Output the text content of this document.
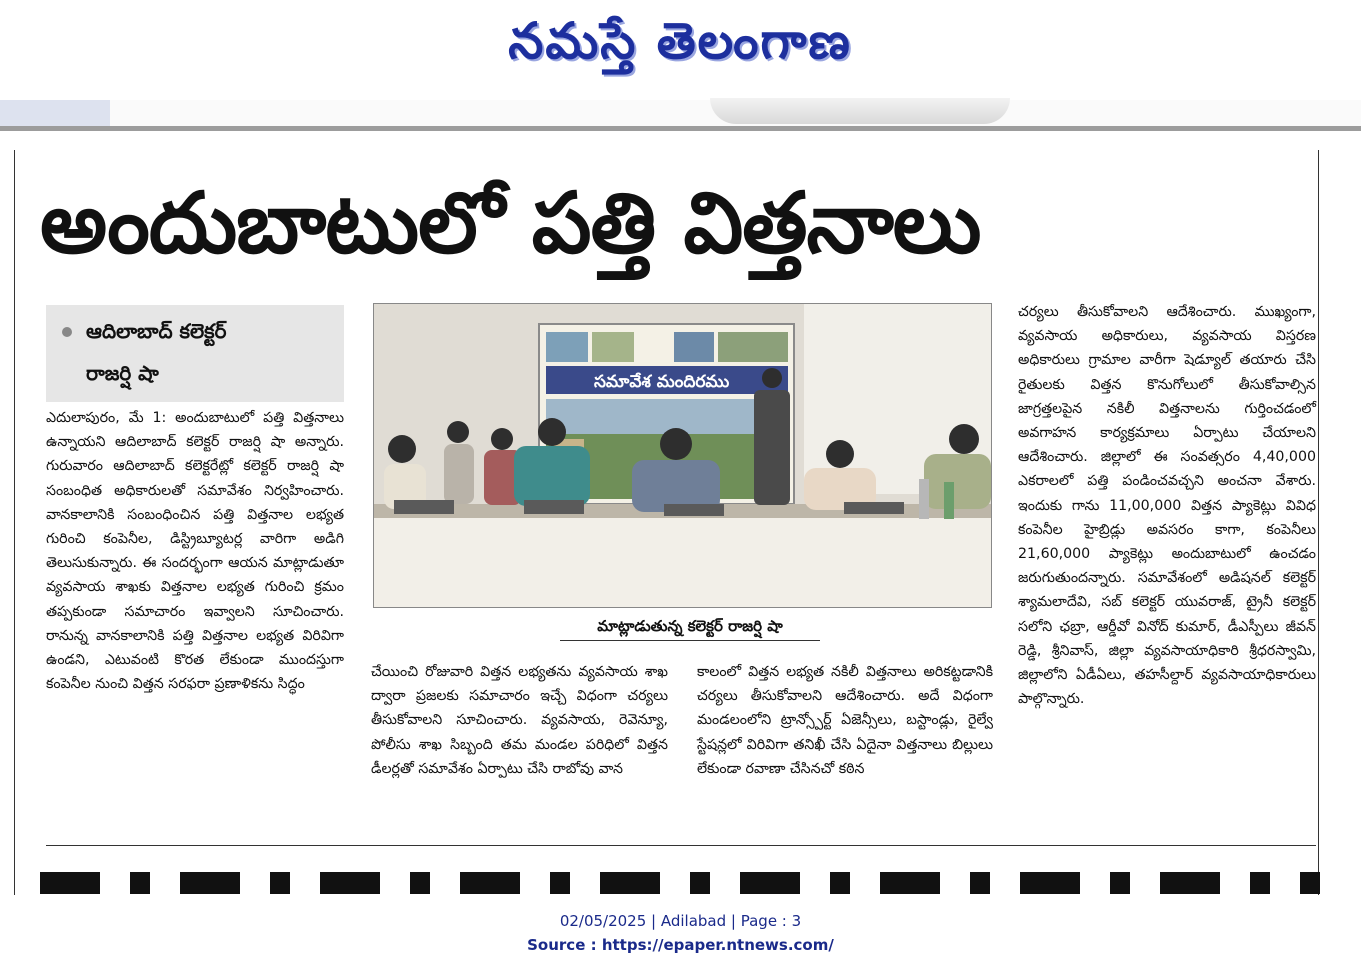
నమస్తే తెలంగాణ
అందుబాటులో పత్తి విత్తనాలు
ఆదిలాబాద్ కలెక్టర్
రాజర్షి షా

ఎదులాపురం, మే 1: అందుబాటులో పత్తి విత్తనాలు ఉన్నాయని ఆదిలాబాద్ కలెక్టర్ రాజర్షి షా అన్నారు. గురువారం ఆదిలాబాద్ కలెక్టరేట్లో కలెక్టర్ రాజర్షి షా సంబంధిత అధికారులతో సమావేశం నిర్వహించారు. వానకాలానికి సంబంధించిన పత్తి విత్తనాల లభ్యత గురించి కంపెనీల, డిస్ట్రిబ్యూటర్ల వారిగా అడిగి తెలుసుకున్నారు. ఈ సందర్భంగా ఆయన మాట్లాడుతూ వ్యవసాయ శాఖకు విత్తనాల లభ్యత గురించి క్రమం తప్పకుండా సమాచారం ఇవ్వాలని సూచించారు. రానున్న వానకాలానికి పత్తి విత్తనాల లభ్యత విరివిగా ఉండని, ఎటువంటి కొరత లేకుండా ముందస్తుగా కంపెనీల నుంచి విత్తన సరఫరా ప్రణాళికను సిద్ధం

సమావేశ మందిరము
మాట్లాడుతున్న కలెక్టర్ రాజర్షి షా

చేయించి రోజువారి విత్తన లభ్యతను వ్యవసాయ శాఖ ద్వారా ప్రజలకు సమాచారం ఇచ్చే విధంగా చర్యలు తీసుకోవాలని సూచించారు. వ్యవసాయ, రెవెన్యూ, పోలీసు శాఖ సిబ్బంది తమ మండల పరిధిలో విత్తన డీలర్లతో సమావేశం ఏర్పాటు చేసి రాబోవు వాన

కాలంలో విత్తన లభ్యత నకిలీ విత్తనాలు అరికట్టడానికి చర్యలు తీసుకోవాలని ఆదేశించారు. అదే విధంగా మండలంలోని ట్రాన్స్పోర్ట్ ఏజెన్సీలు, బస్టాండ్లు, రైల్వే స్టేషన్లలో విరివిగా తనిఖీ చేసి ఏదైనా విత్తనాలు బిల్లులు లేకుండా రవాణా చేసినచో కఠిన

చర్యలు తీసుకోవాలని ఆదేశించారు. ముఖ్యంగా, వ్యవసాయ అధికారులు, వ్యవసాయ విస్తరణ అధికారులు గ్రామాల వారీగా షెడ్యూల్ తయారు చేసి రైతులకు విత్తన కొనుగోలులో తీసుకోవాల్సిన జాగ్రత్తలపైన నకిలీ విత్తనాలను గుర్తించడంలో అవగాహన కార్యక్రమాలు ఏర్పాటు చేయాలని ఆదేశించారు. జిల్లాలో ఈ సంవత్సరం 4,40,000 ఎకరాలలో పత్తి పండించవచ్చని అంచనా వేశారు. ఇందుకు గాను 11,00,000 విత్తన ప్యాకెట్లు వివిధ కంపెనీల హైబ్రిడ్లు అవసరం కాగా, కంపెనీలు 21,60,000 ప్యాకెట్లు అందుబాటులో ఉంచడం జరుగుతుందన్నారు. సమావేశంలో అడిషనల్ కలెక్టర్ శ్యామలాదేవి, సబ్ కలెక్టర్ యువరాజ్, ట్రైనీ కలెక్టర్ సలోని ఛబ్రా, ఆర్డీవో వినోద్ కుమార్, డీఎస్పీలు జీవన్ రెడ్డి, శ్రీనివాస్, జిల్లా వ్యవసాయాధికారి శ్రీధరస్వామి, జిల్లాలోని ఏడీఏలు, తహసీల్దార్ వ్యవసాయాధికారులు పాల్గొన్నారు.

02/05/2025 | Adilabad | Page : 3
Source : https://epaper.ntnews.com/
